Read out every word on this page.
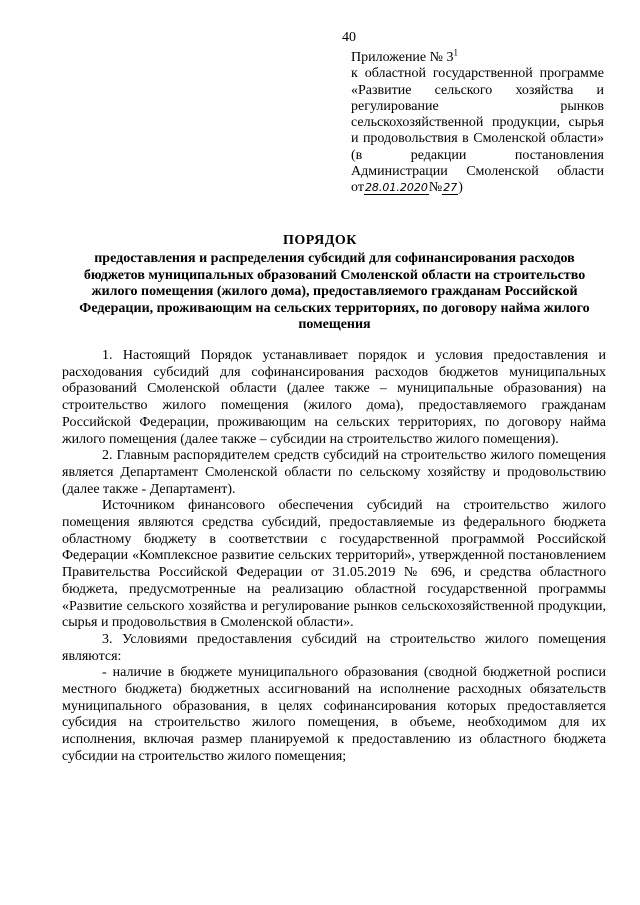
40
Приложение № $3^1$
к областной государственной программе «Развитие сельского хозяйства и регулирование рынков сельскохозяйственной продукции, сырья и продовольствия в Смоленской области» (в редакции постановления Администрации Смоленской области от28.01.2020№27)
ПОРЯДОК
предоставления и распределения субсидий для софинансирования расходов бюджетов муниципальных образований Смоленской области на строительство жилого помещения (жилого дома), предоставляемого гражданам Российской Федерации, проживающим на сельских территориях, по договору найма жилого помещения

1. Настоящий Порядок устанавливает порядок и условия предоставления и расходования субсидий для софинансирования расходов бюджетов муниципальных образований Смоленской области (далее также – муниципальные образования) на строительство жилого помещения (жилого дома), предоставляемого гражданам Российской Федерации, проживающим на сельских территориях, по договору найма жилого помещения (далее также – субсидии на строительство жилого помещения).

2. Главным распорядителем средств субсидий на строительство жилого помещения является Департамент Смоленской области по сельскому хозяйству и продовольствию (далее также - Департамент).

Источником финансового обеспечения субсидий на строительство жилого помещения являются средства субсидий, предоставляемые из федерального бюджета областному бюджету в соответствии с государственной программой Российской Федерации «Комплексное развитие сельских территорий», утвержденной постановлением Правительства Российской Федерации от 31.05.2019 № 696, и средства областного бюджета, предусмотренные на реализацию областной государственной программы «Развитие сельского хозяйства и регулирование рынков сельскохозяйственной продукции, сырья и продовольствия в Смоленской области».

3. Условиями предоставления субсидий на строительство жилого помещения являются:

- наличие в бюджете муниципального образования (сводной бюджетной росписи местного бюджета) бюджетных ассигнований на исполнение расходных обязательств муниципального образования, в целях софинансирования которых предоставляется субсидия на строительство жилого помещения, в объеме, необходимом для их исполнения, включая размер планируемой к предоставлению из областного бюджета субсидии на строительство жилого помещения;
